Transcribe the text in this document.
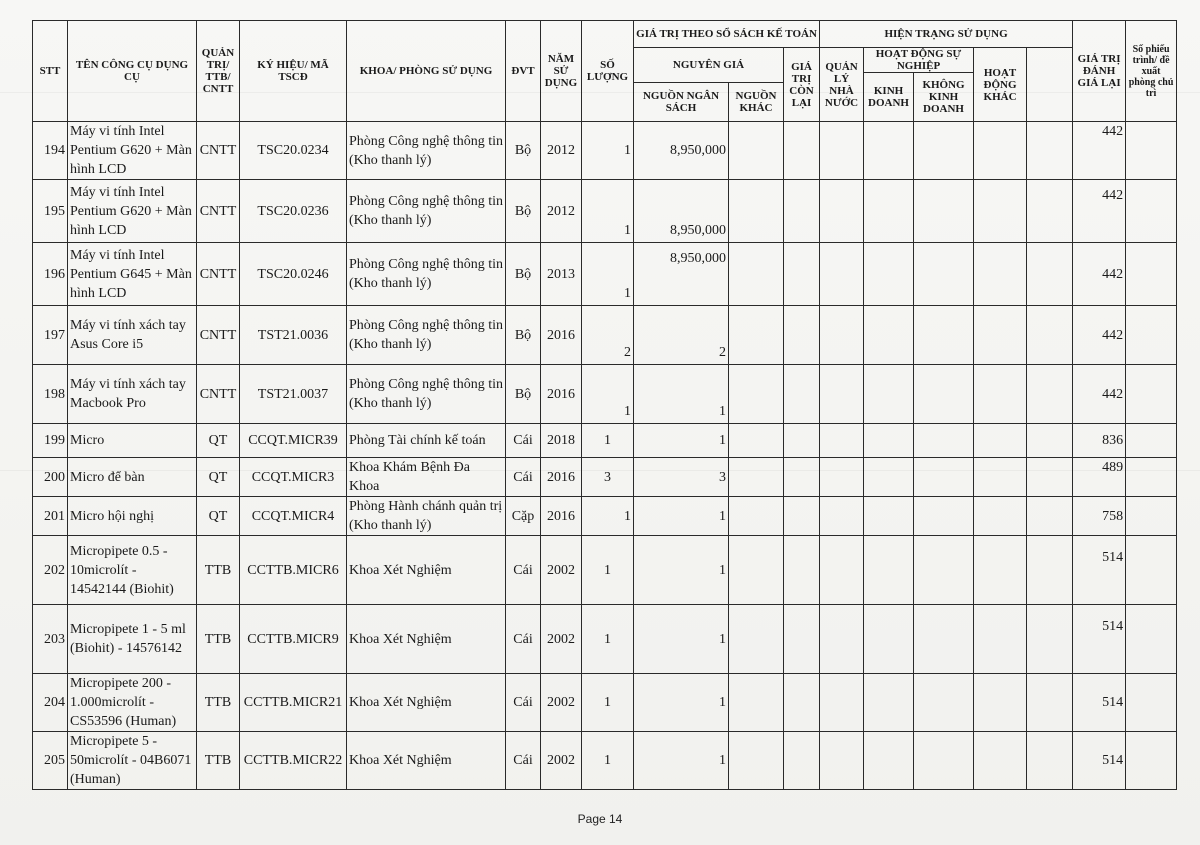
STT	TÊN CÔNG CỤ DỤNG CỤ	QUẢN TRỊ/ TTB/ CNTT	KÝ HIỆU/ MÃ TSCĐ	KHOA/ PHÒNG SỬ DỤNG	ĐVT	NĂM SỬ DỤNG	SỐ LƯỢNG	GIÁ TRỊ THEO SỔ SÁCH KẾ TOÁN			HIỆN TRẠNG SỬ DỤNG					GIÁ TRỊ ĐÁNH GIÁ LẠI	Số phiếu trình/ đề xuất phòng chủ trì	
								NGUYÊN GIÁ		GIÁ TRỊ CÒN LẠI	QUẢN LÝ NHÀ NƯỚC	HOẠT ĐỘNG SỰ NGHIỆP		HOẠT ĐỘNG KHÁC				
												KINH DOANH	KHÔNG KINH DOANH					
								NGUỒN NGÂN SÁCH	NGUỒN KHÁC									
194	Máy vi tính Intel Pentium G620 + Màn hình LCD	CNTT	TSC20.0234	Phòng Công nghệ thông tin (Kho thanh lý)	Bộ	2012	1	8,950,000								442		
195	Máy vi tính Intel Pentium G620 + Màn hình LCD	CNTT	TSC20.0236	Phòng Công nghệ thông tin (Kho thanh lý)	Bộ	2012	1	8,950,000								442		
196	Máy vi tính Intel Pentium G645 + Màn hình LCD	CNTT	TSC20.0246	Phòng Công nghệ thông tin (Kho thanh lý)	Bộ	2013	1	8,950,000								442		
197	Máy vi tính xách tay Asus Core i5	CNTT	TST21.0036	Phòng Công nghệ thông tin (Kho thanh lý)	Bộ	2016	2	2								442		
198	Máy vi tính xách tay Macbook Pro	CNTT	TST21.0037	Phòng Công nghệ thông tin (Kho thanh lý)	Bộ	2016	1	1								442		
199	Micro	QT	CCQT.MICR39	Phòng Tài chính kế toán	Cái	2018	1	1								836		
200	Micro để bàn	QT	CCQT.MICR3	Khoa Khám Bệnh Đa Khoa	Cái	2016	3	3								489		
201	Micro hội nghị	QT	CCQT.MICR4	Phòng Hành chánh quản trị (Kho thanh lý)	Cặp	2016	1	1								758		
202	Micropipete 0.5 - 10microlít - 14542144 (Biohit)	TTB	CCTTB.MICR6	Khoa Xét Nghiệm	Cái	2002	1	1								514		
203	Micropipete 1 - 5 ml (Biohit) - 14576142	TTB	CCTTB.MICR9	Khoa Xét Nghiệm	Cái	2002	1	1								514		
204	Micropipete 200 - 1.000microlít - CS53596 (Human)	TTB	CCTTB.MICR21	Khoa Xét Nghiệm	Cái	2002	1	1								514		
205	Micropipete 5 - 50microlít - 04B6071 (Human)	TTB	CCTTB.MICR22	Khoa Xét Nghiệm	Cái	2002	1	1								514		
Page 14
